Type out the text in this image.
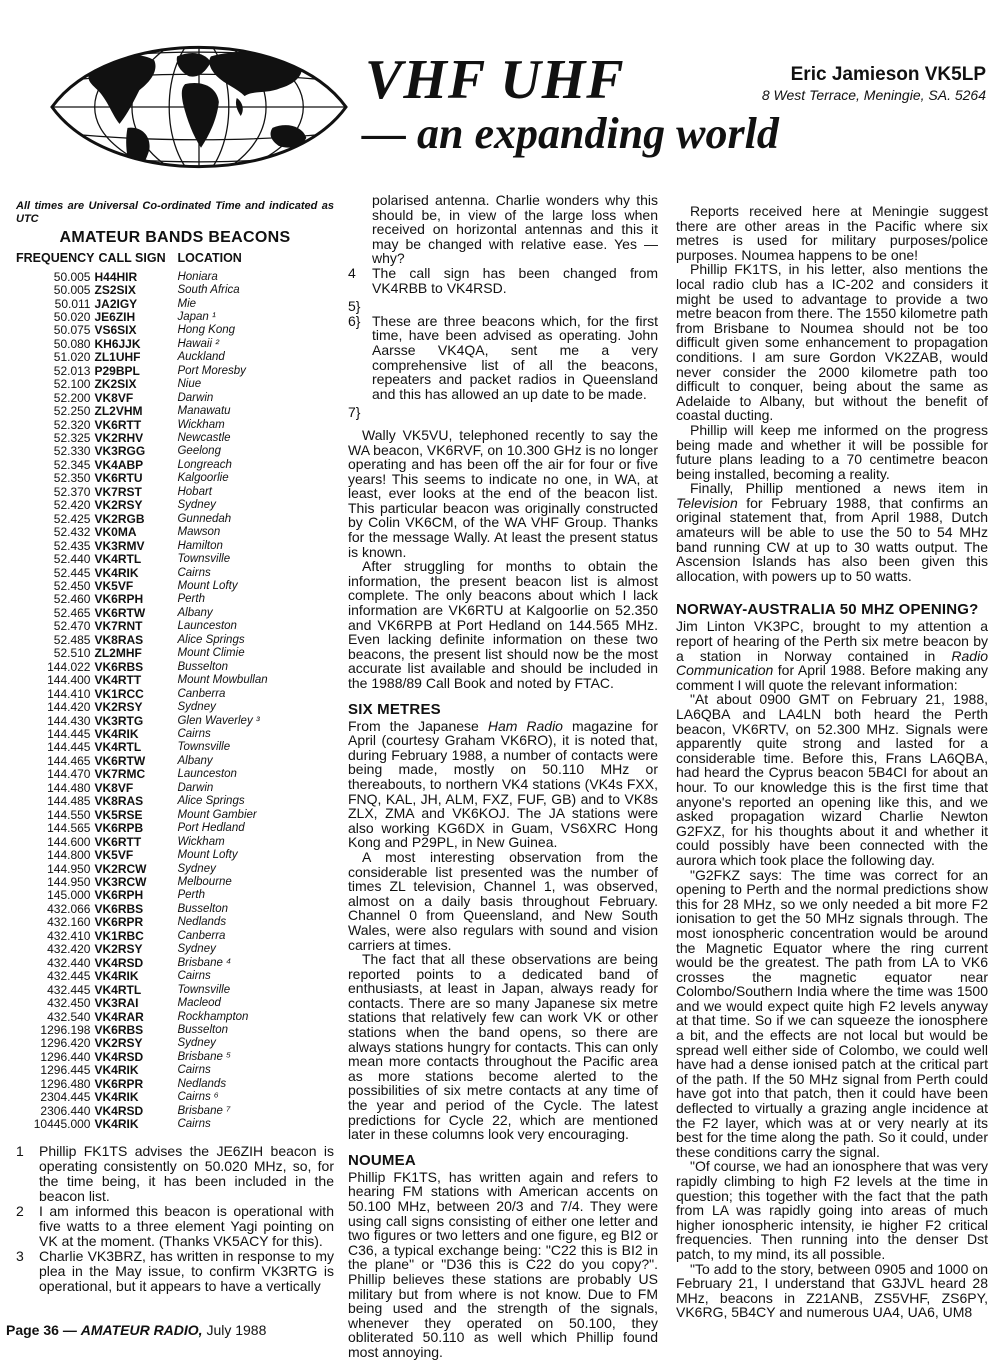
VHF UHF
— an expanding world
Eric Jamieson VK5LP
8 West Terrace, Meningie, SA. 5264
All times are Universal Co-ordinated Time and indicated as UTC
AMATEUR BANDS BEACONS
FREQUENCY	CALL SIGN	LOCATION
50.005	H44HIR	Honiara
50.005	ZS2SIX	South Africa
50.011	JA2IGY	Mie
50.020	JE6ZIH	Japan ¹
50.075	VS6SIX	Hong Kong
50.080	KH6JJK	Hawaii ²
51.020	ZL1UHF	Auckland
52.013	P29BPL	Port Moresby
52.100	ZK2SIX	Niue
52.200	VK8VF	Darwin
52.250	ZL2VHM	Manawatu
52.320	VK6RTT	Wickham
52.325	VK2RHV	Newcastle
52.330	VK3RGG	Geelong
52.345	VK4ABP	Longreach
52.350	VK6RTU	Kalgoorlie
52.370	VK7RST	Hobart
52.420	VK2RSY	Sydney
52.425	VK2RGB	Gunnedah
52.432	VK0MA	Mawson
52.435	VK3RMV	Hamilton
52.440	VK4RTL	Townsville
52.445	VK4RIK	Cairns
52.450	VK5VF	Mount Lofty
52.460	VK6RPH	Perth
52.465	VK6RTW	Albany
52.470	VK7RNT	Launceston
52.485	VK8RAS	Alice Springs
52.510	ZL2MHF	Mount Climie
144.022	VK6RBS	Busselton
144.400	VK4RTT	Mount Mowbullan
144.410	VK1RCC	Canberra
144.420	VK2RSY	Sydney
144.430	VK3RTG	Glen Waverley ³
144.445	VK4RIK	Cairns
144.445	VK4RTL	Townsville
144.465	VK6RTW	Albany
144.470	VK7RMC	Launceston
144.480	VK8VF	Darwin
144.485	VK8RAS	Alice Springs
144.550	VK5RSE	Mount Gambier
144.565	VK6RPB	Port Hedland
144.600	VK6RTT	Wickham
144.800	VK5VF	Mount Lofty
144.950	VK2RCW	Sydney
144.950	VK3RCW	Melbourne
145.000	VK6RPH	Perth
432.066	VK6RBS	Busselton
432.160	VK6RPR	Nedlands
432.410	VK1RBC	Canberra
432.420	VK2RSY	Sydney
432.440	VK4RSD	Brisbane ⁴
432.445	VK4RIK	Cairns
432.445	VK4RTL	Townsville
432.450	VK3RAI	Macleod
432.540	VK4RAR	Rockhampton
1296.198	VK6RBS	Busselton
1296.420	VK2RSY	Sydney
1296.440	VK4RSD	Brisbane ⁵
1296.445	VK4RIK	Cairns
1296.480	VK6RPR	Nedlands
2304.445	VK4RIK	Cairns ⁶
2306.440	VK4RSD	Brisbane ⁷
10445.000	VK4RIK	Cairns
1	Phillip FK1TS advises the JE6ZIH beacon is operating consistently on 50.020 MHz, so, for the time being, it has been included in the beacon list.
2	I am informed this beacon is operational with five watts to a three element Yagi pointing on VK at the moment. (Thanks VK5ACY for this).
3	Charlie VK3BRZ, has written in response to my plea in the May issue, to confirm VK3RTG is operational, but it appears to have a vertically

polarised antenna. Charlie wonders why this should be, in view of the large loss when received on horizontal antennas and this it may be changed with relative ease. Yes — why?

4	The call sign has been changed from VK4RBB to VK4RSD.
5}
6} These are three beacons which, for the first time, have been advised as operating. John Aarsse VK4QA, sent me a very comprehensive list of all the beacons, repeaters and packet radios in Queensland and this has allowed an up date to be made.
7}

Wally VK5VU, telephoned recently to say the WA beacon, VK6RVF, on 10.300 GHz is no longer operating and has been off the air for four or five years! This seems to indicate no one, in WA, at least, ever looks at the end of the beacon list. This particular beacon was originally constructed by Colin VK6CM, of the WA VHF Group. Thanks for the message Wally. At least the present status is known.

After struggling for months to obtain the information, the present beacon list is almost complete. The only beacons about which I lack information are VK6RTU at Kalgoorlie on 52.350 and VK6RPB at Port Hedland on 144.565 MHz. Even lacking definite information on these two beacons, the present list should now be the most accurate list available and should be included in the 1988/89 Call Book and noted by FTAC.

SIX METRES

From the Japanese Ham Radio magazine for April (courtesy Graham VK6RO), it is noted that, during February 1988, a number of contacts were being made, mostly on 50.110 MHz or thereabouts, to northern VK4 stations (VK4s FXX, FNQ, KAL, JH, ALM, FXZ, FUF, GB) and to VK8s ZLX, ZMA and VK6KOJ. The JA stations were also working KG6DX in Guam, VS6XRC Hong Kong and P29PL, in New Guinea.

A most interesting observation from the considerable list presented was the number of times ZL television, Channel 1, was observed, almost on a daily basis throughout February. Channel 0 from Queensland, and New South Wales, were also regulars with sound and vision carriers at times.

The fact that all these observations are being reported points to a dedicated band of enthusiasts, at least in Japan, always ready for contacts. There are so many Japanese six metre stations that relatively few can work VK or other stations when the band opens, so there are always stations hungry for contacts. This can only mean more contacts throughout the Pacific area as more stations become alerted to the possibilities of six metre contacts at any time of the year and period of the Cycle. The latest predictions for Cycle 22, which are mentioned later in these columns look very encouraging.

NOUMEA

Phillip FK1TS, has written again and refers to hearing FM stations with American accents on 50.100 MHz, between 20/3 and 7/4. They were using call signs consisting of either one letter and two figures or two letters and one figure, eg BI2 or C36, a typical exchange being: "C22 this is BI2 in the plane" or "D36 this is C22 do you copy?". Phillip believes these stations are probably US military but from where is not know. Due to FM being used and the strength of the signals, whenever they operated on 50.100, they obliterated 50.110 as well which Phillip found most annoying.

Reports received here at Meningie suggest there are other areas in the Pacific where six metres is used for military purposes/police purposes. Noumea happens to be one!

Phillip FK1TS, in his letter, also mentions the local radio club has a IC-202 and considers it might be used to advantage to provide a two metre beacon from there. The 1550 kilometre path from Brisbane to Noumea should not be too difficult given some enhancement to propagation conditions. I am sure Gordon VK2ZAB, would never consider the 2000 kilometre path too difficult to conquer, being about the same as Adelaide to Albany, but without the benefit of coastal ducting.

Phillip will keep me informed on the progress being made and whether it will be possible for future plans leading to a 70 centimetre beacon being installed, becoming a reality.

Finally, Phillip mentioned a news item in Television for February 1988, that confirms an original statement that, from April 1988, Dutch amateurs will be able to use the 50 to 54 MHz band running CW at up to 30 watts output. The Ascension Islands has also been given this allocation, with powers up to 50 watts.

NORWAY-AUSTRALIA 50 MHZ OPENING?

Jim Linton VK3PC, brought to my attention a report of hearing of the Perth six metre beacon by a station in Norway contained in Radio Communication for April 1988. Before making any comment I will quote the relevant information:

"At about 0900 GMT on February 21, 1988, LA6QBA and LA4LN both heard the Perth beacon, VK6RTV, on 52.300 MHz. Signals were apparently quite strong and lasted for a considerable time. Before this, Frans LA6QBA, had heard the Cyprus beacon 5B4CI for about an hour. To our knowledge this is the first time that anyone's reported an opening like this, and we asked propagation wizard Charlie Newton G2FXZ, for his thoughts about it and whether it could possibly have been connected with the aurora which took place the following day.

"G2FKZ says: The time was correct for an opening to Perth and the normal predictions show this for 28 MHz, so we only needed a bit more F2 ionisation to get the 50 MHz signals through. The most ionospheric concentration would be around the Magnetic Equator where the ring current would be the greatest. The path from LA to VK6 crosses the magnetic equator near Colombo/Southern India where the time was 1500 and we would expect quite high F2 levels anyway at that time. So if we can squeeze the ionosphere a bit, and the effects are not local but would be spread well either side of Colombo, we could well have had a dense ionised patch at the critical part of the path. If the 50 MHz signal from Perth could have got into that patch, then it could have been deflected to virtually a grazing angle incidence at the F2 layer, which was at or very nearly at its best for the time along the path. So it could, under these conditions carry the signal.

"Of course, we had an ionosphere that was very rapidly climbing to high F2 levels at the time in question; this together with the fact that the path from LA was rapidly going into areas of much higher ionospheric intensity, ie higher F2 critical frequencies. Then running into the denser Dst patch, to my mind, its all possible.

"To add to the story, between 0905 and 1000 on February 21, I understand that G3JVL heard 28 MHz, beacons in Z21ANB, ZS5VHF, ZS6PY, VK6RG, 5B4CY and numerous UA4, UA6, UM8

Page 36 — AMATEUR RADIO, July 1988
